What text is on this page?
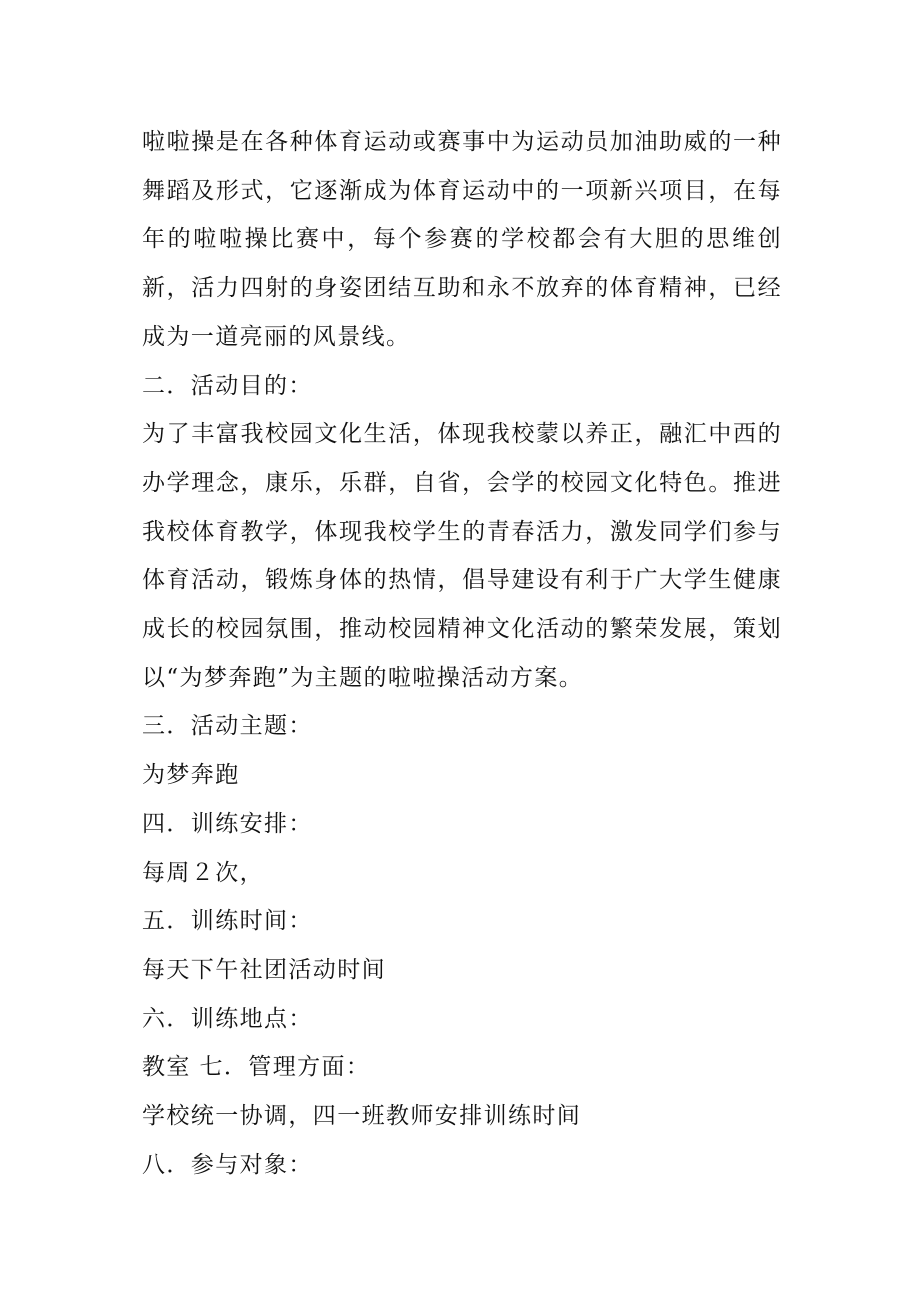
啦啦操是在各种体育运动或赛事中为运动员加油助威的一种舞蹈及形式，它逐渐成为体育运动中的一项新兴项目，在每年的啦啦操比赛中，每个参赛的学校都会有大胆的思维创新，活力四射的身姿团结互助和永不放弃的体育精神，已经成为一道亮丽的风景线。

二．活动目的：

为了丰富我校园文化生活，体现我校蒙以养正，融汇中西的办学理念，康乐，乐群，自省，会学的校园文化特色。推进我校体育教学，体现我校学生的青春活力，激发同学们参与体育活动，锻炼身体的热情，倡导建设有利于广大学生健康成长的校园氛围，推动校园精神文化活动的繁荣发展，策划以“为梦奔跑”为主题的啦啦操活动方案。

三．活动主题：

为梦奔跑

四．训练安排：

每周２次，

五．训练时间：

每天下午社团活动时间

六．训练地点：

教室 七．管理方面：

学校统一协调，四一班教师安排训练时间

八．参与对象：
